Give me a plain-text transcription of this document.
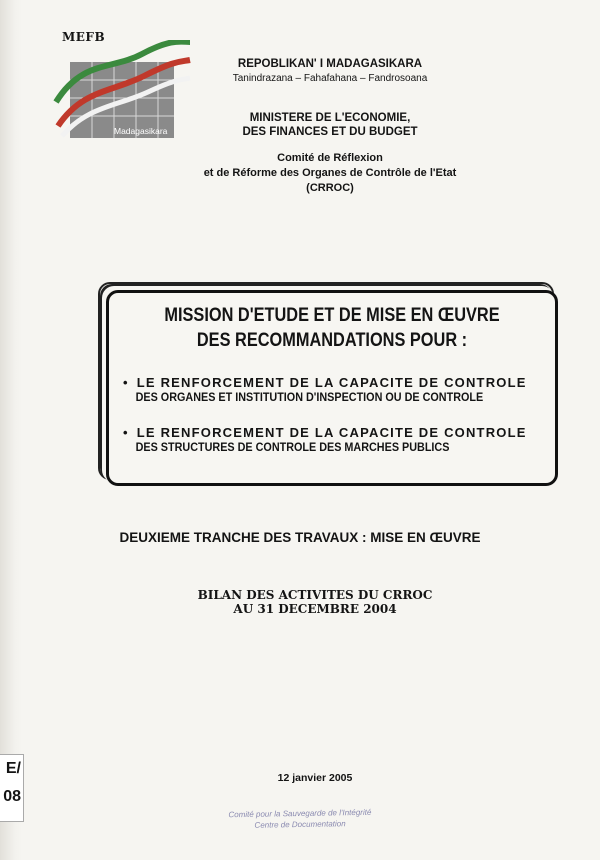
MEFB
Madagasikara
REPOBLIKAN' I MADAGASIKARA
Tanindrazana – Fahafahana – Fandrosoana
MINISTERE DE L'ECONOMIE,
DES FINANCES ET DU BUDGET
Comité de Réflexion
et de Réforme des Organes de Contrôle de l'Etat
(CRROC)
MISSION D'ETUDE ET DE MISE EN ŒUVRE
DES RECOMMANDATIONS POUR :
• LE RENFORCEMENT DE LA CAPACITE DE CONTROLE
DES ORGANES ET INSTITUTION D'INSPECTION OU DE CONTROLE
• LE RENFORCEMENT DE LA CAPACITE DE CONTROLE
DES STRUCTURES DE CONTROLE DES MARCHES PUBLICS
DEUXIEME TRANCHE DES TRAVAUX : MISE EN ŒUVRE
BILAN DES ACTIVITES DU CRROC
AU 31 DECEMBRE 2004
12 janvier 2005
Comité pour la Sauvegarde de l'Intégrité
Centre de Documentation
E/
08
